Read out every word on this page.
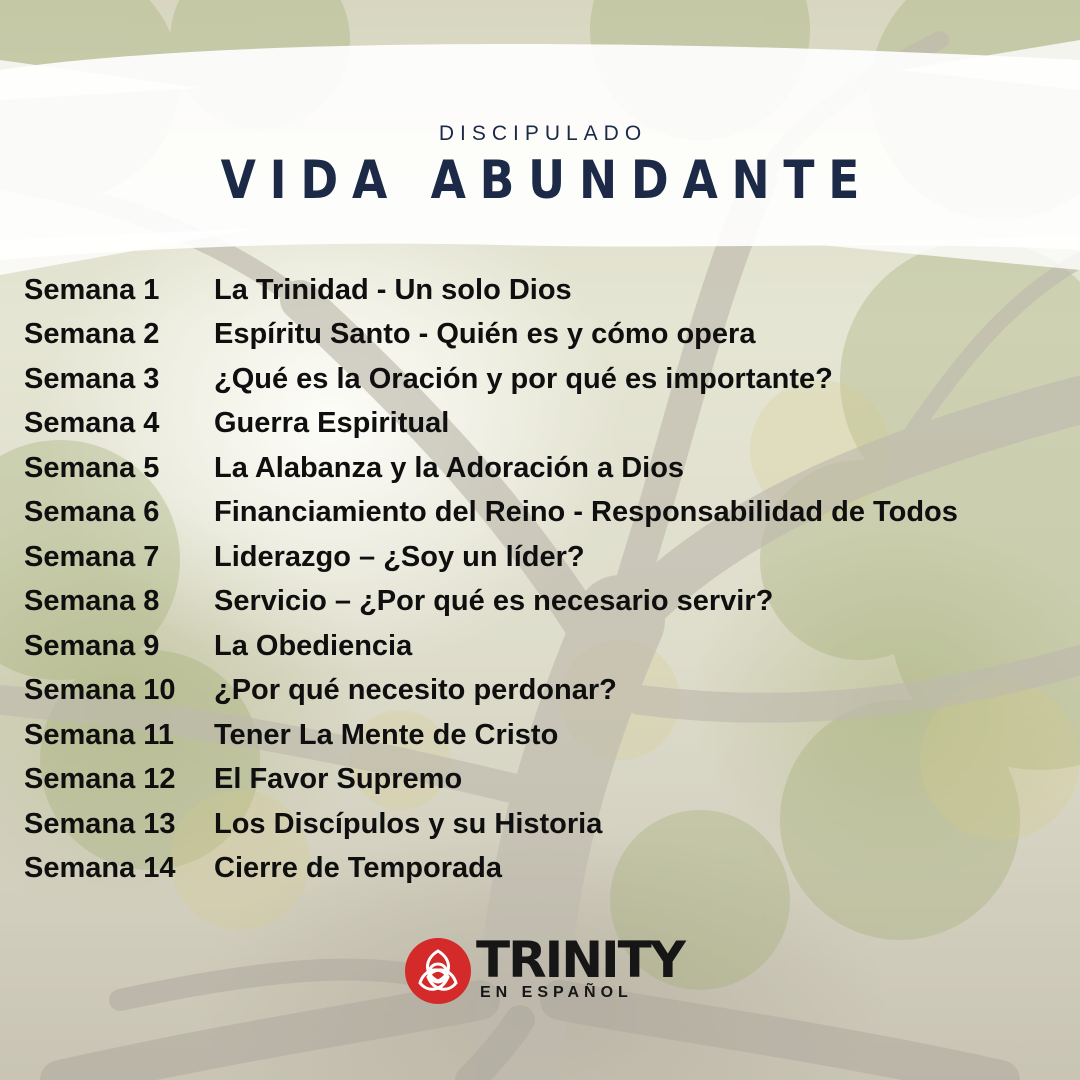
DISCIPULADO
VIDA ABUNDANTE
Semana 1	La Trinidad - Un solo Dios
Semana 2	Espíritu Santo - Quién es y cómo opera
Semana 3	¿Qué es la Oración y por qué es importante?
Semana 4	Guerra Espiritual
Semana 5	La Alabanza y la Adoración a Dios
Semana 6	Financiamiento del Reino - Responsabilidad de Todos
Semana 7	Liderazgo – ¿Soy un líder?
Semana 8	Servicio – ¿Por qué es necesario servir?
Semana 9	La Obediencia
Semana 10	¿Por qué necesito perdonar?
Semana 11	Tener La Mente de Cristo
Semana 12	El Favor Supremo
Semana 13	Los Discípulos y su Historia
Semana 14	Cierre de Temporada
TRINITY
EN ESPAÑOL
